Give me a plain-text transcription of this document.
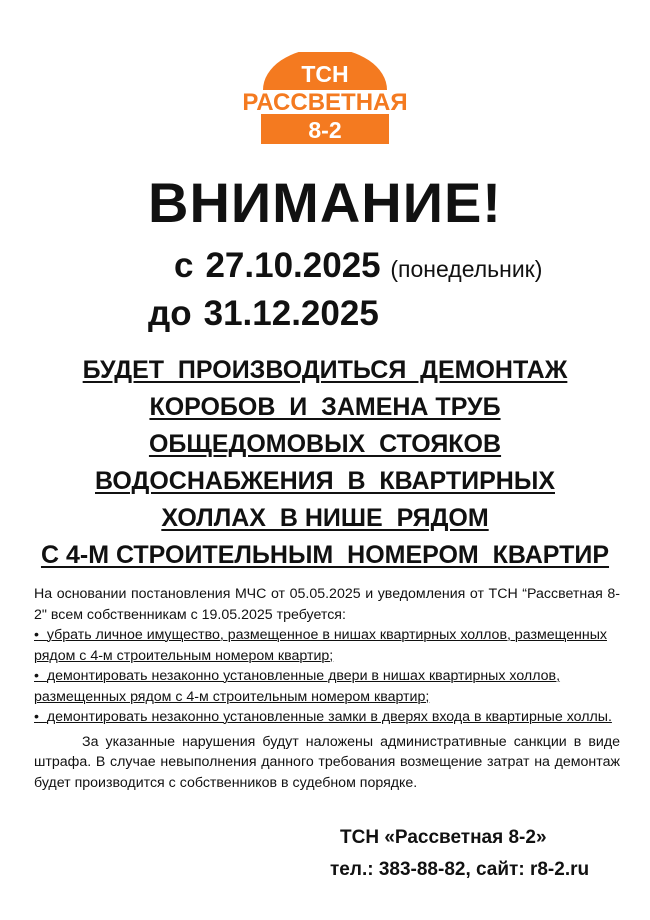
ТСН
РАССВЕТНАЯ
8-2
ВНИМАНИЕ!
с 27.10.2025 (понедельник)
до 31.12.2025
БУДЕТ  ПРОИЗВОДИТЬСЯ  ДЕМОНТАЖ
КОРОБОВ  И  ЗАМЕНА ТРУБ
ОБЩЕДОМОВЫХ  СТОЯКОВ
ВОДОСНАБЖЕНИЯ  В  КВАРТИРНЫХ
ХОЛЛАХ  В НИШЕ  РЯДОМ
С 4-М СТРОИТЕЛЬНЫМ  НОМЕРОМ  КВАРТИР

На основании постановления МЧС от 05.05.2025 и уведомления от ТСН “Рассветная 8-2" всем собственникам с 19.05.2025 требуется:

• убрать личное имущество, размещенное в нишах квартирных холлов, размещенных рядом с 4-м строительным номером квартир;

• демонтировать незаконно установленные двери в нишах квартирных холлов, размещенных рядом с 4-м строительным номером квартир;

• демонтировать незаконно установленные замки в дверях входа в квартирные холлы.

За указанные нарушения будут наложены административные санкции в виде штрафа. В случае невыполнения данного требования возмещение затрат на демонтаж будет производится с собственников в судебном порядке.

ТСН «Рассветная 8-2»
тел.: 383-88-82, сайт: r8-2.ru
